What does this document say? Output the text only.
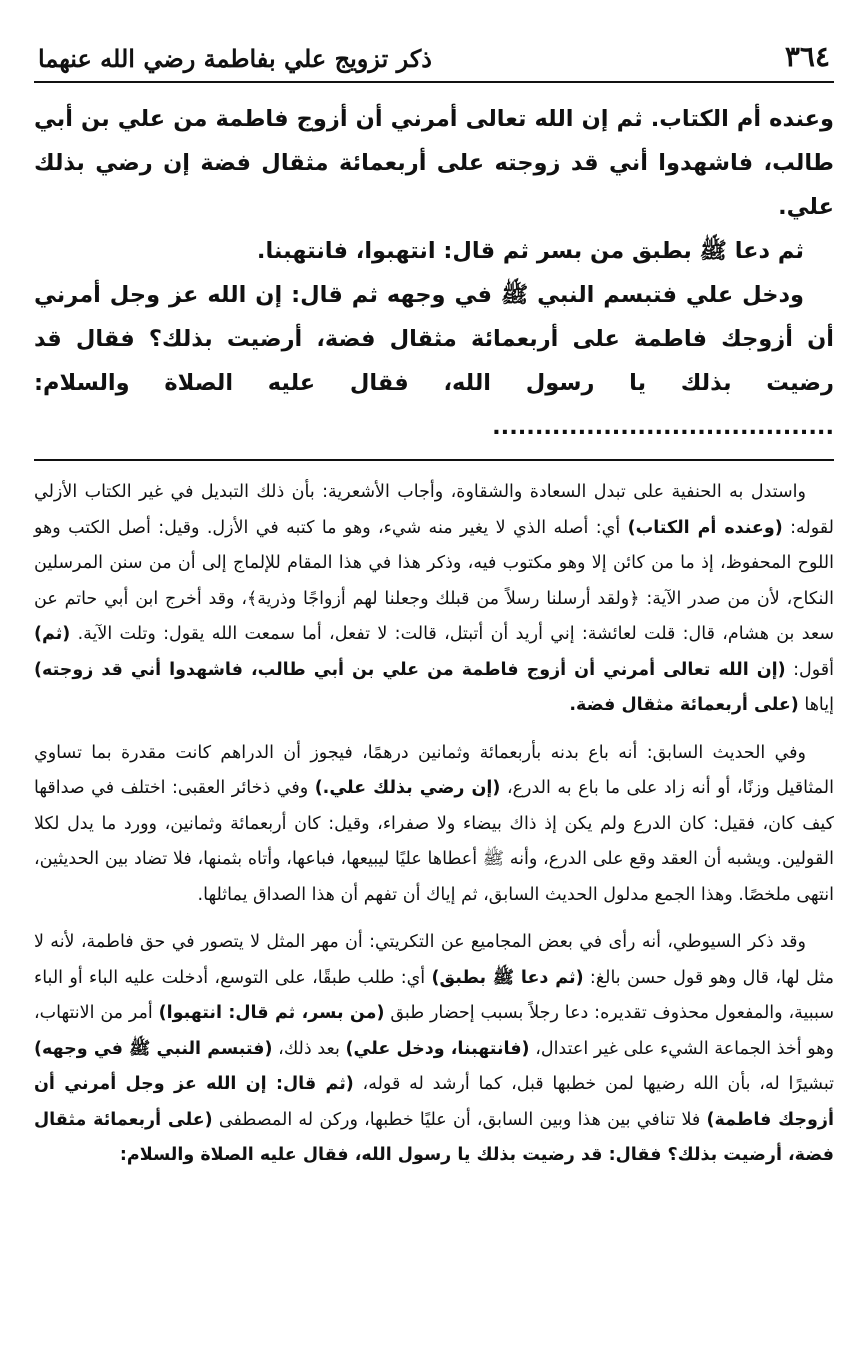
٣٦٤
ذكر تزويج علي بفاطمة رضي الله عنهما

وعنده أم الكتاب. ثم إن الله تعالى أمرني أن أزوج فاطمة من علي بن أبي طالب، فاشهدوا أني قد زوجته على أربعمائة مثقال فضة إن رضي بذلك علي.

ثم دعا ﷺ بطبق من بسر ثم قال: انتهبوا، فانتهبنا.

ودخل علي فتبسم النبي ﷺ في وجهه ثم قال: إن الله عز وجل أمرني أن أزوجك فاطمة على أربعمائة مثقال فضة، أرضيت بذلك؟ فقال قد رضيت بذلك يا رسول الله، فقال عليه الصلاة والسلام: ........................................

واستدل به الحنفية على تبدل السعادة والشقاوة، وأجاب الأشعرية: بأن ذلك التبديل في غير الكتاب الأزلي لقوله: (وعنده أم الكتاب) أي: أصله الذي لا يغير منه شيء، وهو ما كتبه في الأزل. وقيل: أصل الكتب وهو اللوح المحفوظ، إذ ما من كائن إلا وهو مكتوب فيه، وذكر هذا في هذا المقام للإلماج إلى أن من سنن المرسلين النكاح، لأن من صدر الآية: ﴿ولقد أرسلنا رسلاً من قبلك وجعلنا لهم أزواجًا وذرية﴾، وقد أخرج ابن أبي حاتم عن سعد بن هشام، قال: قلت لعائشة: إني أريد أن أتبتل، قالت: لا تفعل، أما سمعت الله يقول: وتلت الآية. (ثم) أقول: (إن الله تعالى أمرني أن أزوج فاطمة من علي بن أبي طالب، فاشهدوا أني قد زوجته) إياها (على أربعمائة مثقال فضة.

وفي الحديث السابق: أنه باع بدنه بأربعمائة وثمانين درهمًا، فيجوز أن الدراهم كانت مقدرة بما تساوي المثاقيل وزنًا، أو أنه زاد على ما باع به الدرع، (إن رضي بذلك علي.) وفي ذخائر العقبى: اختلف في صداقها كيف كان، فقيل: كان الدرع ولم يكن إذ ذاك بيضاء ولا صفراء، وقيل: كان أربعمائة وثمانين، وورد ما يدل لكلا القولين. ويشبه أن العقد وقع على الدرع، وأنه ﷺ أعطاها عليًا ليبيعها، فباعها، وأتاه بثمنها، فلا تضاد بين الحديثين، انتهى ملخصًا. وهذا الجمع مدلول الحديث السابق، ثم إياك أن تفهم أن هذا الصداق يماثلها.

وقد ذكر السيوطي، أنه رأى في بعض المجاميع عن التكريتي: أن مهر المثل لا يتصور في حق فاطمة، لأنه لا مثل لها، قال وهو قول حسن بالغ: (ثم دعا ﷺ بطبق) أي: طلب طبقًا، على التوسع، أدخلت عليه الباء أو الباء سببية، والمفعول محذوف تقديره: دعا رجلاً بسبب إحضار طبق (من بسر، ثم قال: انتهبوا) أمر من الانتهاب، وهو أخذ الجماعة الشيء على غير اعتدال، (فانتهبنا، ودخل علي) بعد ذلك، (فتبسم النبي ﷺ في وجهه) تبشيرًا له، بأن الله رضيها لمن خطبها قبل، كما أرشد له قوله، (ثم قال: إن الله عز وجل أمرني أن أزوجك فاطمة) فلا تنافي بين هذا وبين السابق، أن عليًا خطبها، وركن له المصطفى (على أربعمائة مثقال فضة، أرضيت بذلك؟ فقال: قد رضيت بذلك يا رسول الله، فقال عليه الصلاة والسلام:
